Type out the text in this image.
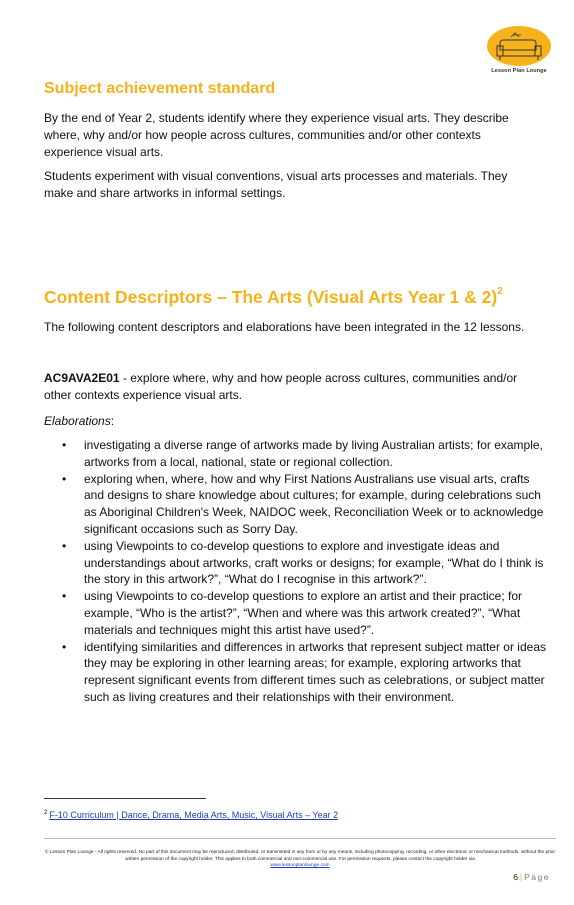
Lesson Plan Lounge
Subject achievement standard

By the end of Year 2, students identify where they experience visual arts. They describe where, why and/or how people across cultures, communities and/or other contexts experience visual arts.

Students experiment with visual conventions, visual arts processes and materials. They make and share artworks in informal settings.

Content Descriptors – The Arts (Visual Arts Year 1 & 2)$^2$

The following content descriptors and elaborations have been integrated in the 12 lessons.

AC9AVA2E01 - explore where, why and how people across cultures, communities and/or other contexts experience visual arts.

Elaborations:

• investigating a diverse range of artworks made by living Australian artists; for example, artworks from a local, national, state or regional collection.
• exploring when, where, how and why First Nations Australians use visual arts, crafts and designs to share knowledge about cultures; for example, during celebrations such as Aboriginal Children's Week, NAIDOC week, Reconciliation Week or to acknowledge significant occasions such as Sorry Day.
• using Viewpoints to co-develop questions to explore and investigate ideas and understandings about artworks, craft works or designs; for example, “What do I think is the story in this artwork?”, “What do I recognise in this artwork?”.
• using Viewpoints to co-develop questions to explore an artist and their practice; for example, “Who is the artist?”, “When and where was this artwork created?”, “What materials and techniques might this artist have used?”.
• identifying similarities and differences in artworks that represent subject matter or ideas they may be exploring in other learning areas; for example, exploring artworks that represent significant events from different times such as celebrations, or subject matter such as living creatures and their relationships with their environment.
$^2$ F-10 Curriculum | Dance, Drama, Media Arts, Music, Visual Arts – Year 2
© Lesson Plan Lounge - All rights reserved. No part of this document may be reproduced, distributed, or transmitted in any form or by any means, including photocopying, recording, or other electronic or mechanical methods, without the prior written permission of the copyright holder. This applies to both commercial and non-commercial use. For permission requests, please contact the copyright holder via
www.lessonplanlounge.com
6 | Page
